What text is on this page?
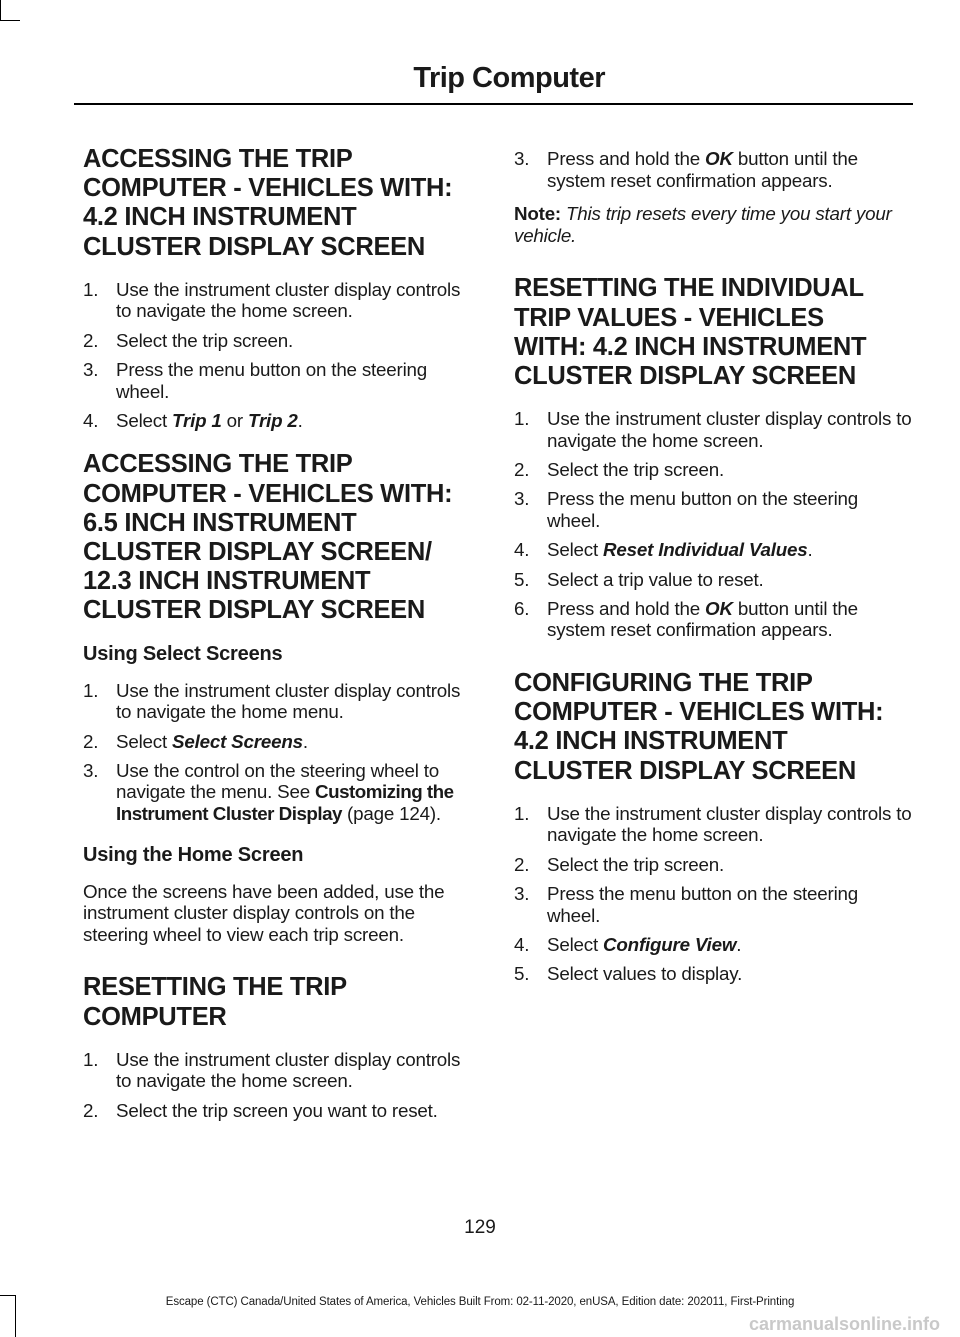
Trip Computer
ACCESSING THE TRIP
COMPUTER - VEHICLES WITH:
4.2 INCH INSTRUMENT
CLUSTER DISPLAY SCREEN
1. Use the instrument cluster display controls to navigate the home screen.
2. Select the trip screen.
3. Press the menu button on the steering wheel.
4. Select Trip 1 or Trip 2.
ACCESSING THE TRIP
COMPUTER - VEHICLES WITH:
6.5 INCH INSTRUMENT
CLUSTER DISPLAY SCREEN/
12.3 INCH INSTRUMENT
CLUSTER DISPLAY SCREEN
Using Select Screens
1. Use the instrument cluster display controls to navigate the home menu.
2. Select Select Screens.
3. Use the control on the steering wheel to navigate the menu. See Customizing the Instrument Cluster Display (page 124).
Using the Home Screen

Once the screens have been added, use the instrument cluster display controls on the steering wheel to view each trip screen.

RESETTING THE TRIP
COMPUTER
1. Use the instrument cluster display controls to navigate the home screen.
2. Select the trip screen you want to reset.
3. Press and hold the OK button until the system reset confirmation appears.

Note: This trip resets every time you start your vehicle.

RESETTING THE INDIVIDUAL
TRIP VALUES - VEHICLES
WITH: 4.2 INCH INSTRUMENT
CLUSTER DISPLAY SCREEN
1. Use the instrument cluster display controls to navigate the home screen.
2. Select the trip screen.
3. Press the menu button on the steering wheel.
4. Select Reset Individual Values.
5. Select a trip value to reset.
6. Press and hold the OK button until the system reset confirmation appears.
CONFIGURING THE TRIP
COMPUTER - VEHICLES WITH:
4.2 INCH INSTRUMENT
CLUSTER DISPLAY SCREEN
1. Use the instrument cluster display controls to navigate the home screen.
2. Select the trip screen.
3. Press the menu button on the steering wheel.
4. Select Configure View.
5. Select values to display.
129
Escape (CTC) Canada/United States of America, Vehicles Built From: 02-11-2020, enUSA, Edition date: 202011, First-Printing
carmanualsonline.info
